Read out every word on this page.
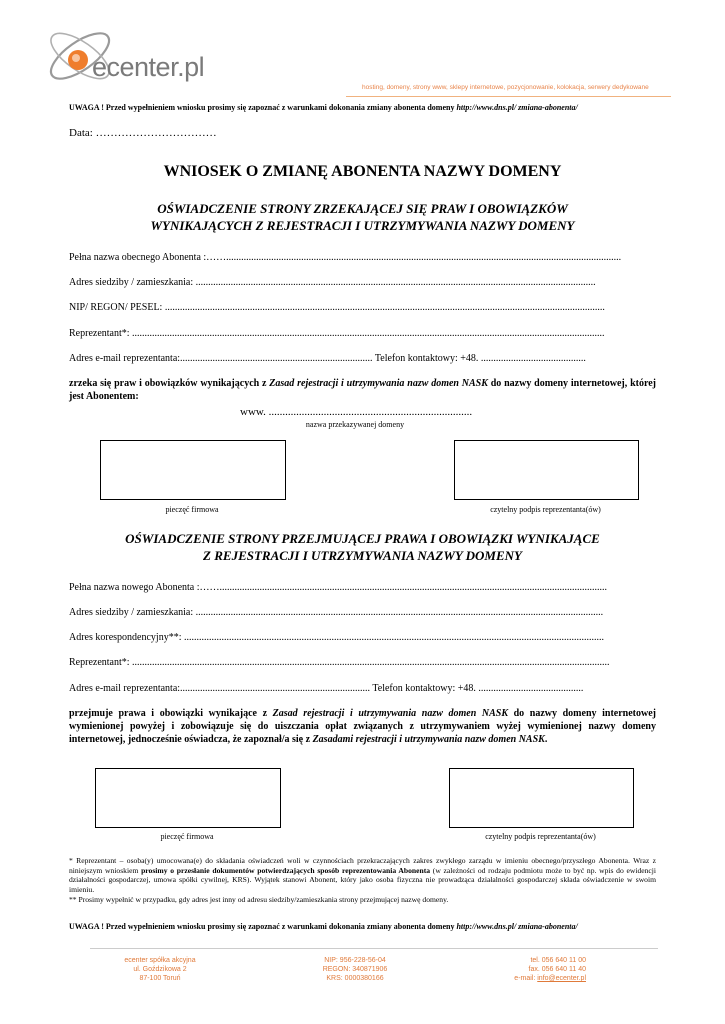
ecenter.pl
hosting, domeny, strony www, sklepy internetowe, pozycjonowanie, kolokacja, serwery dedykowane
UWAGA ! Przed wypełnieniem wniosku prosimy się zapoznać z warunkami dokonania zmiany abonenta domeny http://www.dns.pl/ zmiana-abonenta/
Data: ……………………………
WNIOSEK O ZMIANĘ ABONENTA NAZWY DOMENY
OŚWIADCZENIE STRONY ZRZEKAJĄCEJ SIĘ PRAW I OBOWIĄZKÓW
WYNIKAJĄCYCH Z REJESTRACJI I UTRZYMYWANIA NAZWY DOMENY
Pełna nazwa obecnego Abonenta :……..............................................................................................................................................................
Adres siedziby / zamieszkania: ................................................................................................................................................................
NIP/ REGON/ PESEL: ................................................................................................................................................................................
Reprezentant*: .............................................................................................................................................................................................
Adres e-mail reprezentanta:............................................................................. Telefon kontaktowy: +48. ..........................................
zrzeka się praw i obowiązków wynikających z Zasad rejestracji i utrzymywania nazw domen NASK do nazwy domeny internetowej, której jest Abonentem:
www. ..........................................................................
nazwa przekazywanej domeny
pieczęć firmowa	czytelny podpis reprezentanta(ów)
OŚWIADCZENIE STRONY PRZEJMUJĄCEJ PRAWA I OBOWIĄZKI WYNIKAJĄCE
Z REJESTRACJI I UTRZYMYWANIA NAZWY DOMENY
Pełna nazwa nowego Abonenta :……...........................................................................................................................................................
Adres siedziby / zamieszkania: ...................................................................................................................................................................
Adres korespondencyjny**: ........................................................................................................................................................................
Reprezentant*: ...............................................................................................................................................................................................
Adres e-mail reprezentanta:............................................................................ Telefon kontaktowy: +48. ..........................................
przejmuje prawa i obowiązki wynikające z Zasad rejestracji i utrzymywania nazw domen NASK do nazwy domeny internetowej wymienionej powyżej i zobowiązuje się do uiszczania opłat związanych z utrzymywaniem wyżej wymienionej nazwy domeny internetowej, jednocześnie oświadcza, że zapoznał/a się z Zasadami rejestracji i utrzymywania nazw domen NASK.
pieczęć firmowa	czytelny podpis reprezentanta(ów)
* Reprezentant – osoba(y) umocowana(e) do składania oświadczeń woli w czynnościach przekraczających zakres zwykłego zarządu w imieniu obecnego/przyszłego Abonenta. Wraz z niniejszym wnioskiem prosimy o przesłanie dokumentów potwierdzających sposób reprezentowania Abonenta (w zależności od rodzaju podmiotu może to być np. wpis do ewidencji działalności gospodarczej, umowa spółki cywilnej, KRS). Wyjątek stanowi Abonent, który jako osoba fizyczna nie prowadząca działalności gospodarczej składa oświadczenie w swoim imieniu.
** Prosimy wypełnić w przypadku, gdy adres jest inny od adresu siedziby/zamieszkania strony przejmującej nazwę domeny.
UWAGA ! Przed wypełnieniem wniosku prosimy się zapoznać z warunkami dokonania zmiany abonenta domeny http://www.dns.pl/ zmiana-abonenta/
ecenter spółka akcyjna
ul. Goździkowa 2
87-100 Toruń
NIP: 956-228-56-04
REGON: 340871906
KRS: 0000380166
tel. 056 640 11 00
fax. 056 640 11 40
e-mail: info@ecenter.pl
